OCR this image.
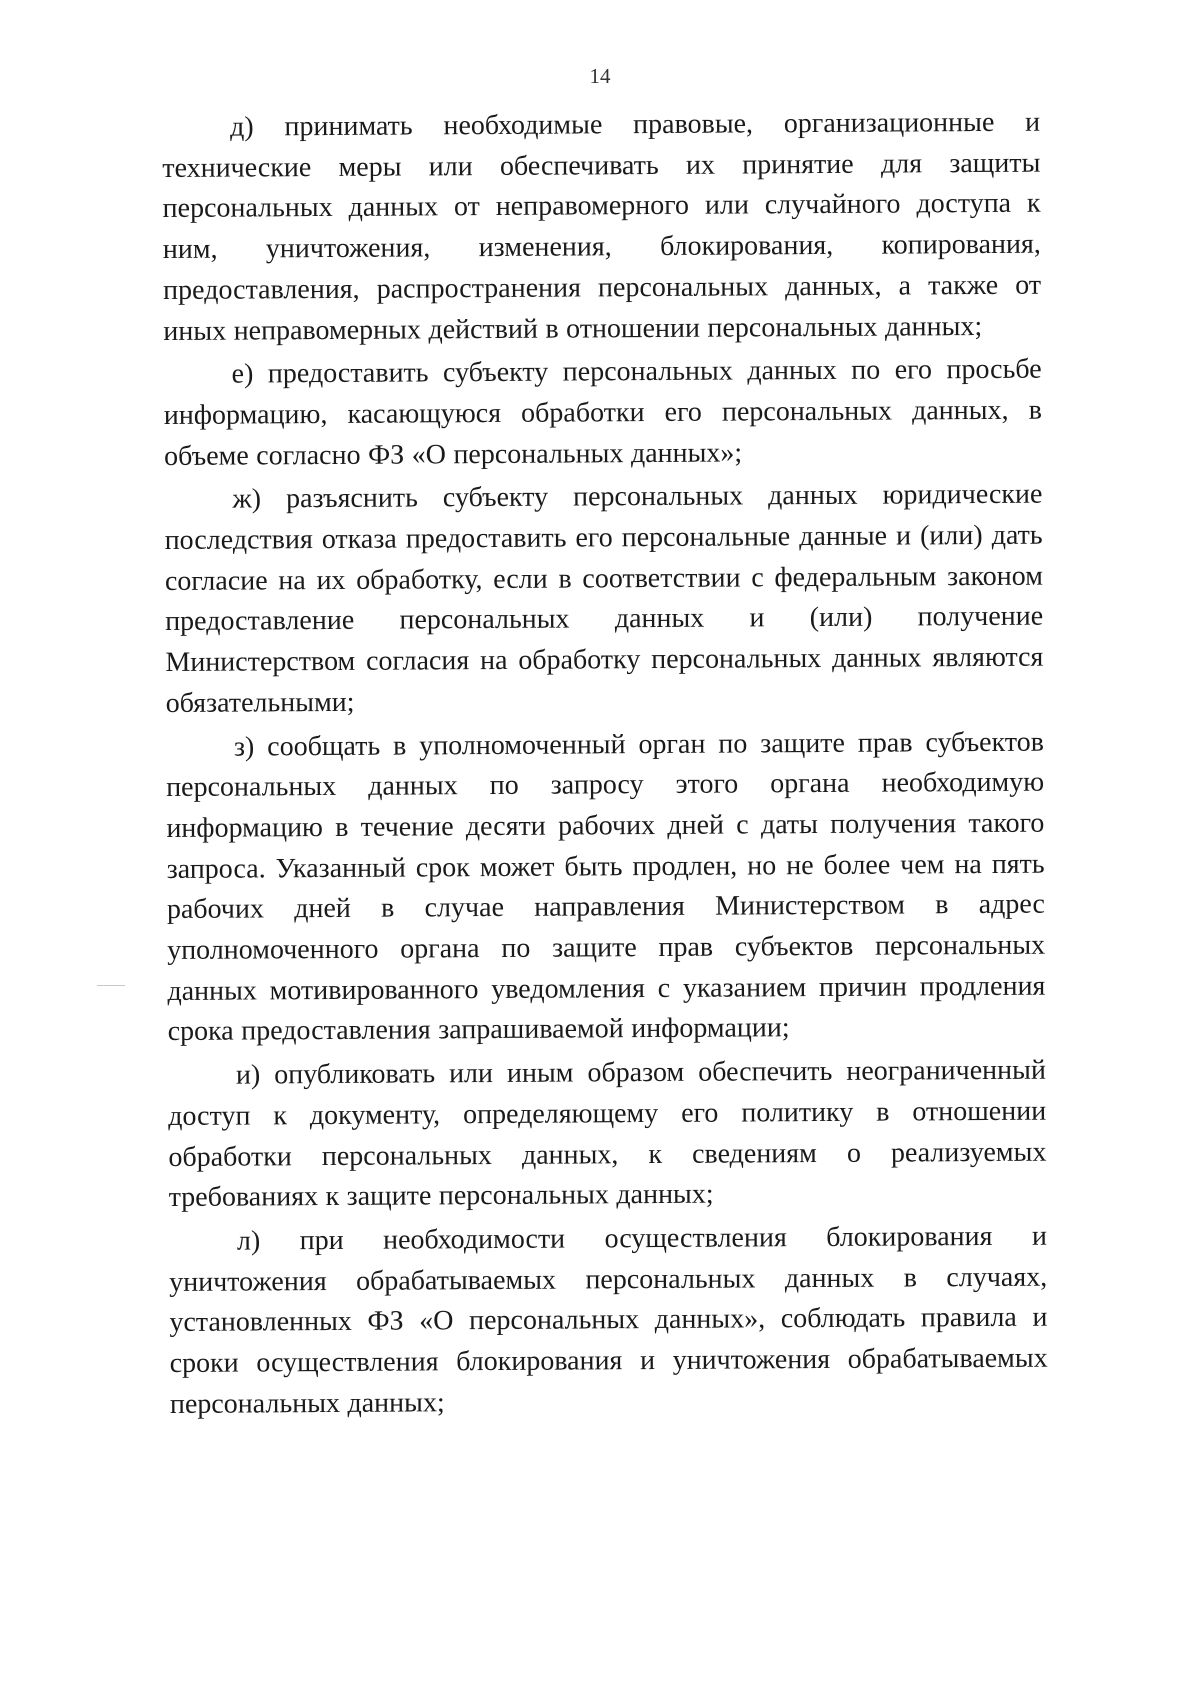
14

д) принимать необходимые правовые, организационные и технические меры или обеспечивать их принятие для защиты персональных данных от неправомерного или случайного доступа к ним, уничтожения, изменения, блокирования, копирования, предоставления, распространения персональных данных, а также от иных неправомерных действий в отношении персональных данных;

е) предоставить субъекту персональных данных по его просьбе информацию, касающуюся обработки его персональных данных, в объеме согласно ФЗ «О персональных данных»;

ж) разъяснить субъекту персональных данных юридические последствия отказа предоставить его персональные данные и (или) дать согласие на их обработку, если в соответствии с федеральным законом предоставление персональных данных и (или) получение Министерством согласия на обработку персональных данных являются обязательными;

з) сообщать в уполномоченный орган по защите прав субъектов персональных данных по запросу этого органа необходимую информацию в течение десяти рабочих дней с даты получения такого запроса. Указанный срок может быть продлен, но не более чем на пять рабочих дней в случае направления Министерством в адрес уполномоченного органа по защите прав субъектов персональных данных мотивированного уведомления с указанием причин продления срока предоставления запрашиваемой информации;

и) опубликовать или иным образом обеспечить неограниченный доступ к документу, определяющему его политику в отношении обработки персональных данных, к сведениям о реализуемых требованиях к защите персональных данных;

л) при необходимости осуществления блокирования и уничтожения обрабатываемых персональных данных в случаях, установленных ФЗ «О персональных данных», соблюдать правила и сроки осуществления блокирования и уничтожения обрабатываемых персональных данных;
